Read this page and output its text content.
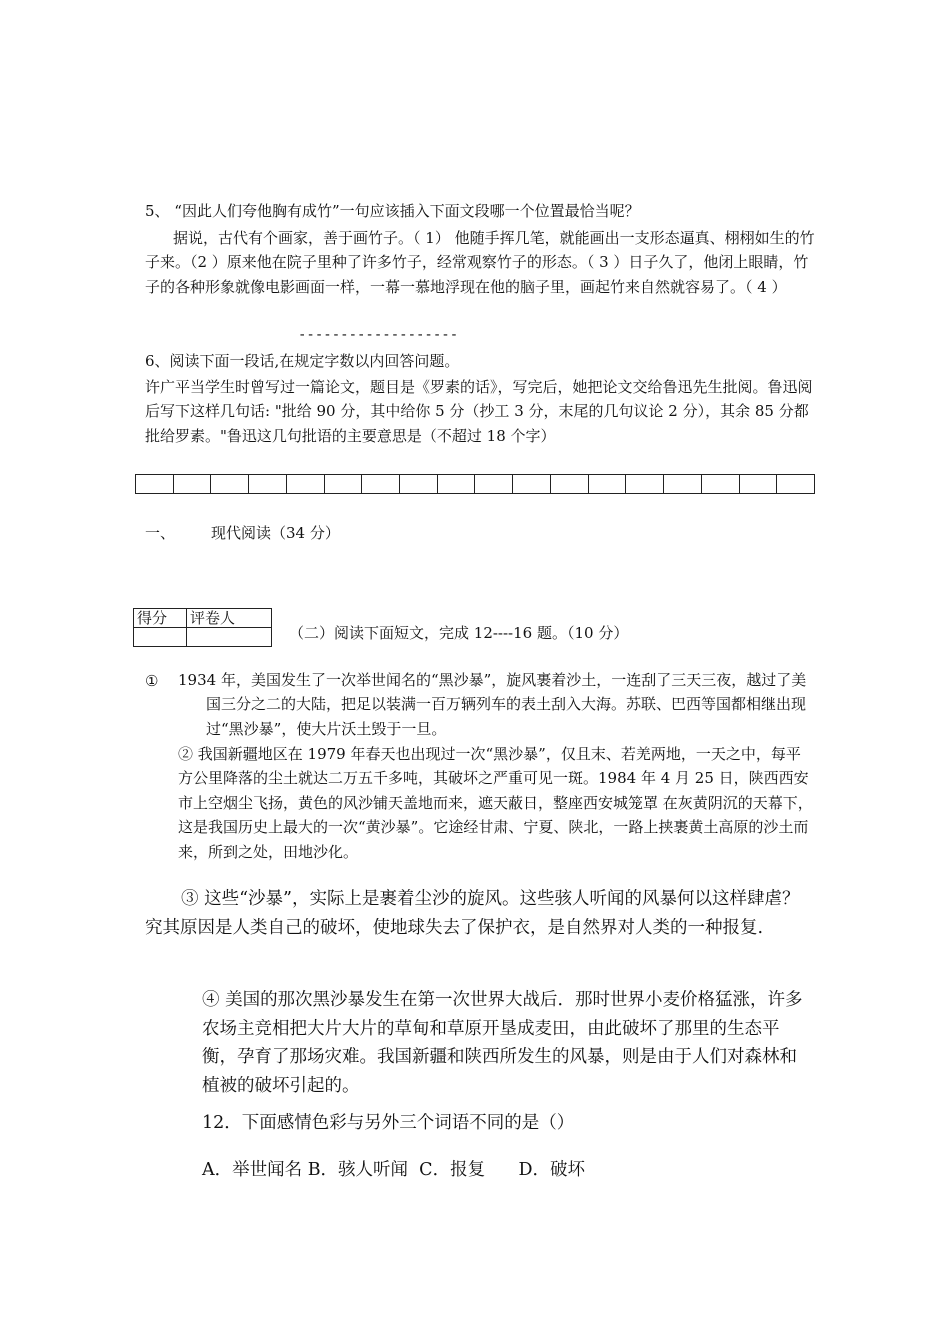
5、 “因此人们夸他胸有成竹”一句应该插入下面文段哪一个位置最恰当呢？

据说，古代有个画家，善于画竹子。（ 1） 他随手挥几笔，就能画出一支形态逼真、栩栩如生的竹子来。（2 ）原来他在院子里种了许多竹子，经常观察竹子的形态。（ 3 ）日子久了，他闭上眼睛，竹子的各种形象就像电影画面一样，一幕一慕地浮现在他的脑子里，画起竹来自然就容易了。（ 4 ）

-------------------
6、阅读下面一段话,在规定字数以内回答问题。

许广平当学生时曾写过一篇论文，题目是《罗素的话》，写完后，她把论文交给鲁迅先生批阅。鲁迅阅后写下这样几句话: "批给 90 分，其中给你 5 分（抄工 3 分，末尾的几句议论 2 分），其余 85 分都批给罗素。"鲁迅这几句批语的主要意思是（不超过 18 个字）

一、 现代阅读（34 分）
得分	评卷人

（二）阅读下面短文，完成 12----16 题。（10 分）
① 1934 年，美国发生了一次举世闻名的“黑沙暴”，旋风裹着沙土，一连刮了三天三夜，越过了美国三分之二的大陆，把足以装满一百万辆列车的表土刮入大海。苏联、巴西等国都相继出现过“黑沙暴”，使大片沃土毁于一旦。

② 我国新疆地区在 1979 年春天也出现过一次“黑沙暴”，仅且末、若羌两地，一天之中，每平方公里降落的尘土就达二万五千多吨，其破坏之严重可见一斑。1984 年 4 月 25 日，陕西西安市上空烟尘飞扬，黄色的风沙铺天盖地而来，遮天蔽日，整座西安城笼罩 在灰黄阴沉的天幕下，这是我国历史上最大的一次“黄沙暴”。它途经甘肃、宁夏、陕北，一路上挟裹黄土高原的沙土而来，所到之处，田地沙化。

③ 这些“沙暴”，实际上是裹着尘沙的旋风。这些骇人听闻的风暴何以这样肆虐？究其原因是人类自己的破坏，使地球失去了保护衣，是自然界对人类的一种报复.

④ 美国的那次黑沙暴发生在第一次世界大战后．那时世界小麦价格猛涨，许多农场主竞相把大片大片的草甸和草原开垦成麦田，由此破坏了那里的生态平衡，孕育了那场灾难。我国新疆和陕西所发生的风暴，则是由于人们对森林和植被的破坏引起的。

12．下面感情色彩与另外三个词语不同的是（）
A．举世闻名 B．骇人听闻  C．报复      D．破坏
